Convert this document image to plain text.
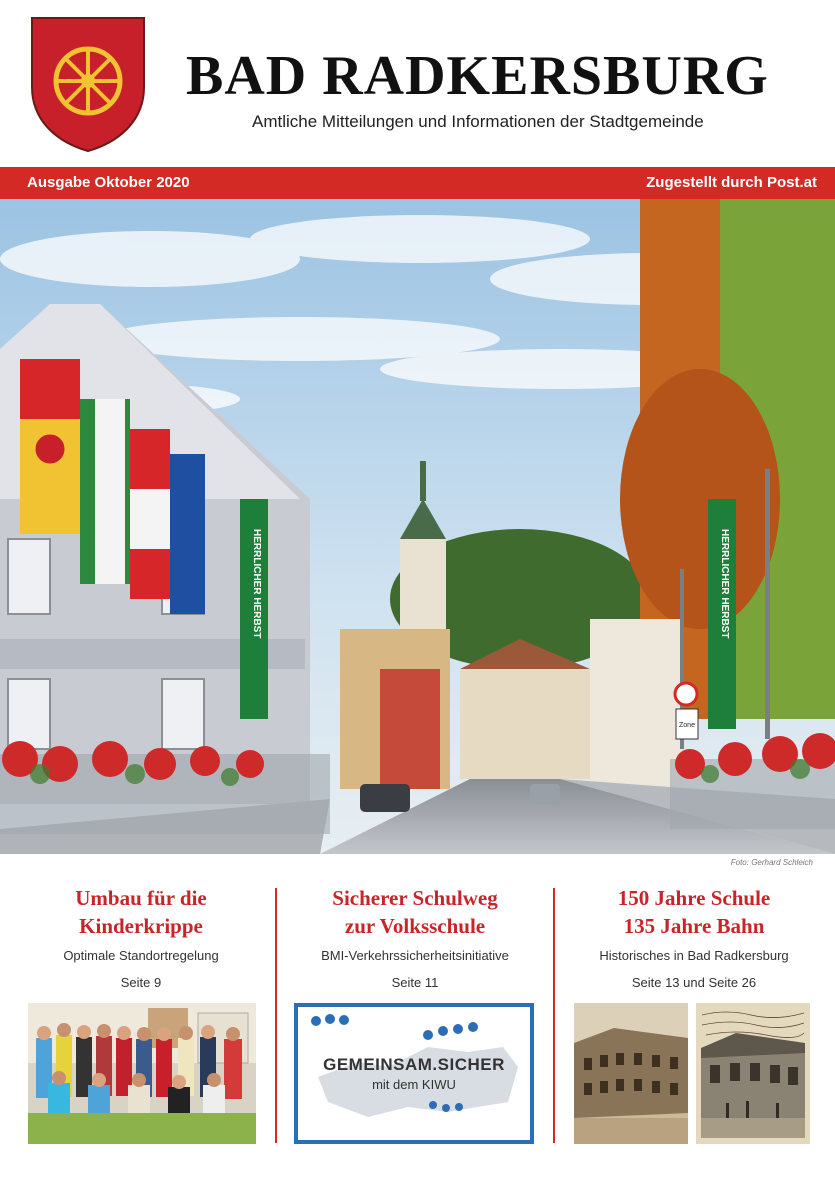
BAD RADKERSBURG
Amtliche Mitteilungen und Informationen der Stadtgemeinde
Ausgabe Oktober 2020	Zugestellt durch Post.at
HERRLICHER HERBST	HERRLICHER HERBST
Zone
Foto: Gerhard Schleich
Umbau für die
Kinderkrippe
Optimale Standortregelung
Seite 9
Sicherer Schulweg
zur Volksschule
BMI-Verkehrssicherheitsinitiative
Seite 11
150 Jahre Schule
135 Jahre Bahn
Historisches in Bad Radkersburg
Seite 13 und Seite 26
GEMEINSAM.SICHER
mit dem KIWU
